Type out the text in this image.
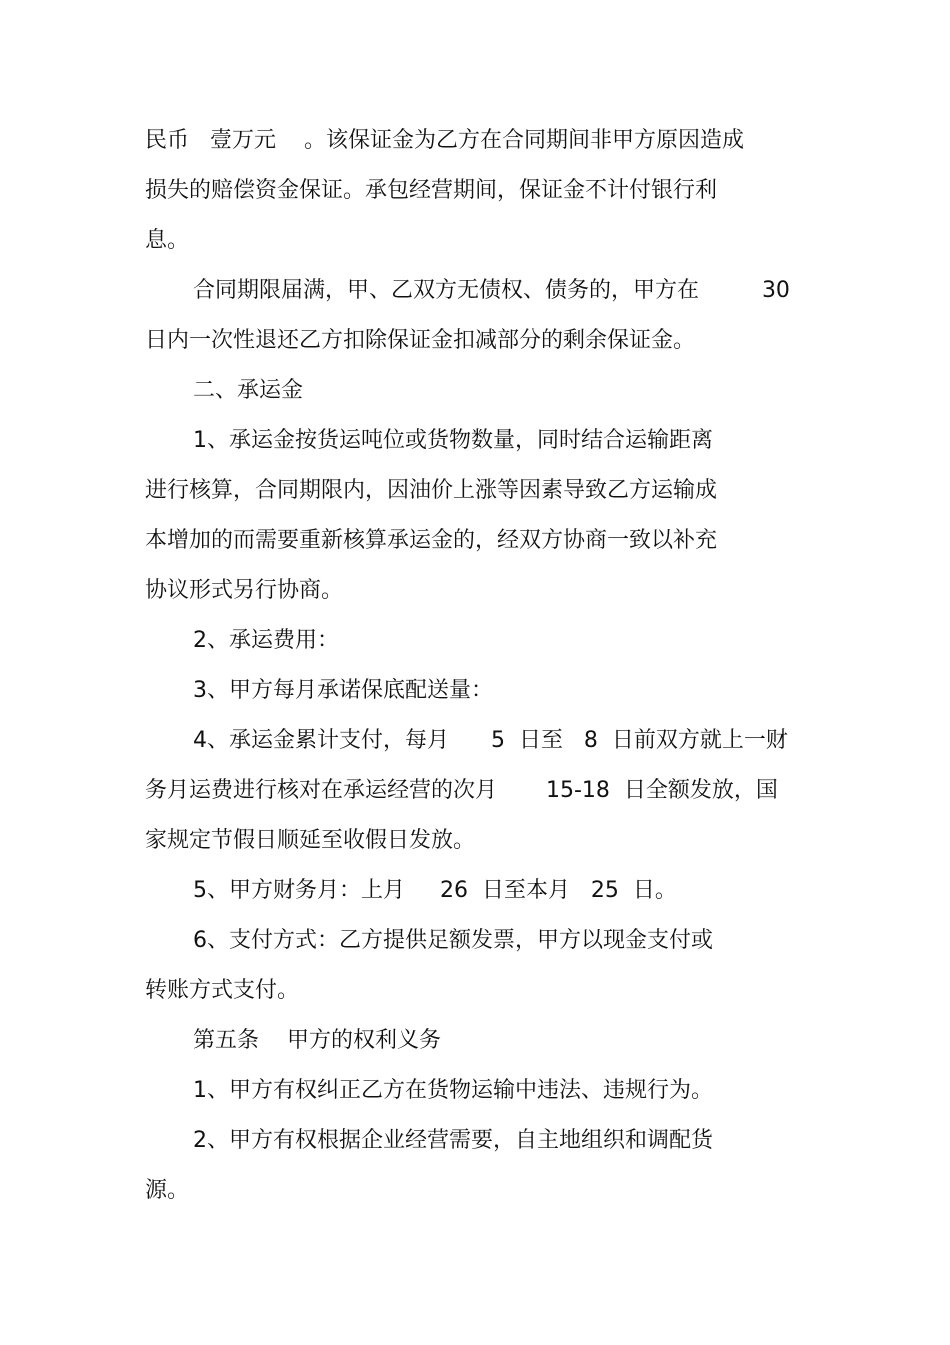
民币   壹万元    。该保证金为乙方在合同期间非甲方原因造成

损失的赔偿资金保证。承包经营期间，保证金不计付银行利

息。

合同期限届满，甲、乙双方无债权、债务的，甲方在         30

日内一次性退还乙方扣除保证金扣减部分的剩余保证金。

二、承运金

1、承运金按货运吨位或货物数量，同时结合运输距离

进行核算，合同期限内，因油价上涨等因素导致乙方运输成

本增加的而需要重新核算承运金的，经双方协商一致以补充

协议形式另行协商。

2、承运费用：

3、甲方每月承诺保底配送量：

4、承运金累计支付，每月      5  日至   8  日前双方就上一财

务月运费进行核对在承运经营的次月       15-18  日全额发放，国

家规定节假日顺延至收假日发放。

5、甲方财务月：上月     26  日至本月   25  日。

6、支付方式：乙方提供足额发票，甲方以现金支付或

转账方式支付。

第五条    甲方的权利义务

1、甲方有权纠正乙方在货物运输中违法、违规行为。

2、甲方有权根据企业经营需要，自主地组织和调配货

源。
